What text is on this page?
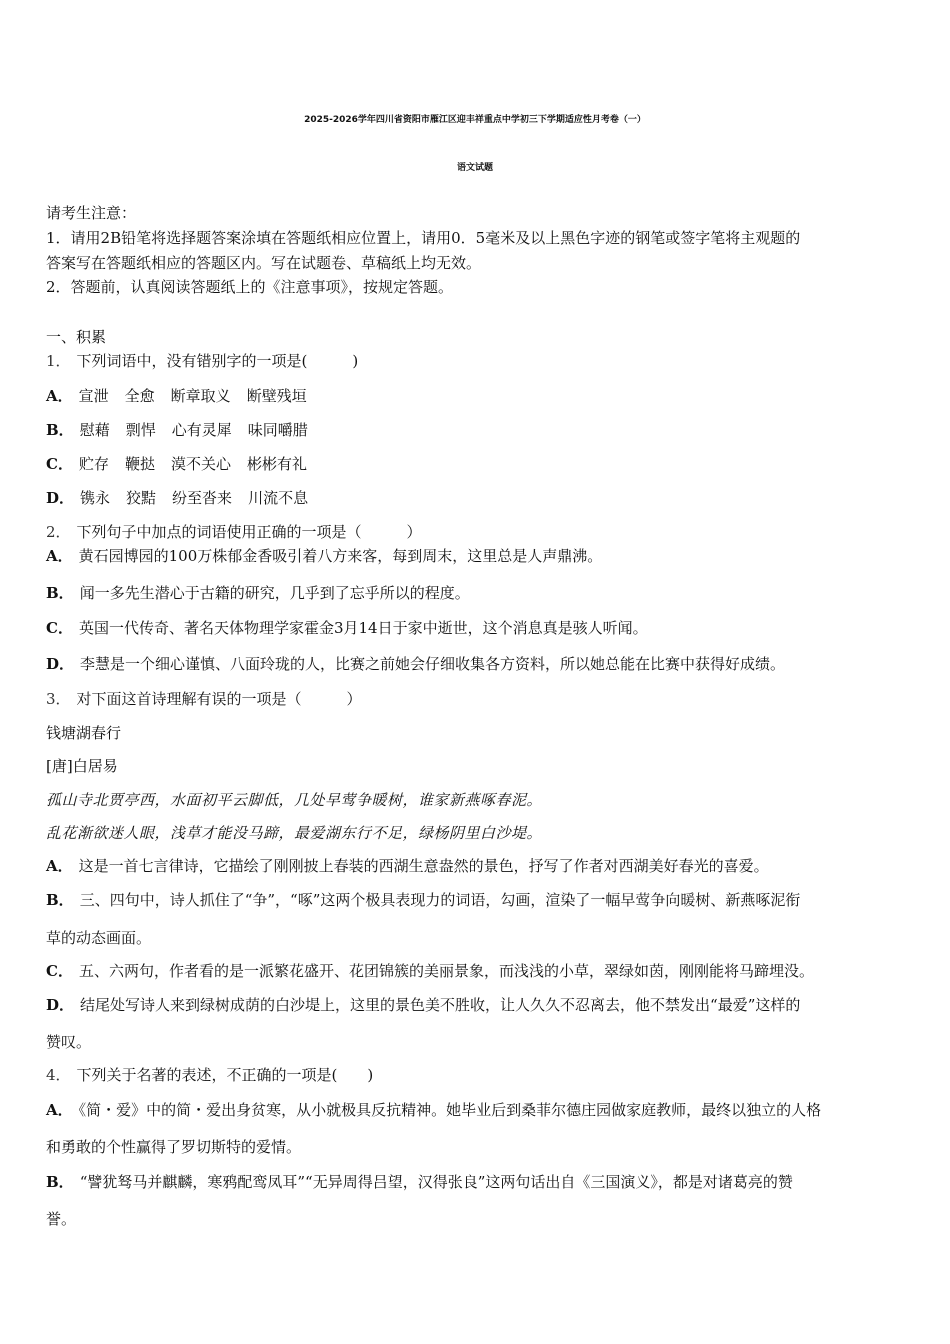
2025-2026学年四川省资阳市雁江区迎丰祥重点中学初三下学期适应性月考卷（一）
语文试题
请考生注意：
1．请用2B铅笔将选择题答案涂填在答题纸相应位置上，请用0．5毫米及以上黑色字迹的钢笔或签字笔将主观题的
答案写在答题纸相应的答题区内。写在试题卷、草稿纸上均无效。
2．答题前，认真阅读答题纸上的《注意事项》，按规定答题。
一、积累
1． 下列词语中，没有错别字的一项是(　　　)
A． 宣泄 全愈 断章取义 断壁残垣
B． 慰藉 剽悍 心有灵犀 味同嚼腊
C． 贮存 鞭挞 漠不关心 彬彬有礼
D． 镌永 狡黠 纷至沓来 川流不息
2． 下列句子中加点的词语使用正确的一项是（　　　）
A． 黄石园博园的100万株郁金香吸引着八方来客，每到周末，这里总是人声鼎沸。
B． 闻一多先生潜心于古籍的研究，几乎到了忘乎所以的程度。
C． 英国一代传奇、著名天体物理学家霍金3月14日于家中逝世，这个消息真是骇人听闻。
D． 李慧是一个细心谨慎、八面玲珑的人，比赛之前她会仔细收集各方资料，所以她总能在比赛中获得好成绩。
3． 对下面这首诗理解有误的一项是（　　　）
钱塘湖春行
[唐]白居易
孤山寺北贾亭西，水面初平云脚低，几处早莺争暖树，谁家新燕啄春泥。
乱花渐欲迷人眼，浅草才能没马蹄，最爱湖东行不足，绿杨阴里白沙堤。
A． 这是一首七言律诗，它描绘了刚刚披上春装的西湖生意盎然的景色，抒写了作者对西湖美好春光的喜爱。
B． 三、四句中，诗人抓住了“争”，“啄”这两个极具表现力的词语，勾画，渲染了一幅早莺争向暖树、新燕啄泥衔
草的动态画面。
C． 五、六两句，作者看的是一派繁花盛开、花团锦簇的美丽景象，而浅浅的小草，翠绿如茵，刚刚能将马蹄埋没。
D． 结尾处写诗人来到绿树成荫的白沙堤上，这里的景色美不胜收，让人久久不忍离去，他不禁发出“最爱”这样的
赞叹。
4． 下列关于名著的表述，不正确的一项是(　　)
A． 《简・爱》中的简・爱出身贫寒，从小就极具反抗精神。她毕业后到桑菲尔德庄园做家庭教师，最终以独立的人格
和勇敢的个性赢得了罗切斯特的爱情。
B． “譬犹驽马并麒麟，寒鸦配鸾凤耳”“无异周得吕望，汉得张良”这两句话出自《三国演义》，都是对诸葛亮的赞
誉。
